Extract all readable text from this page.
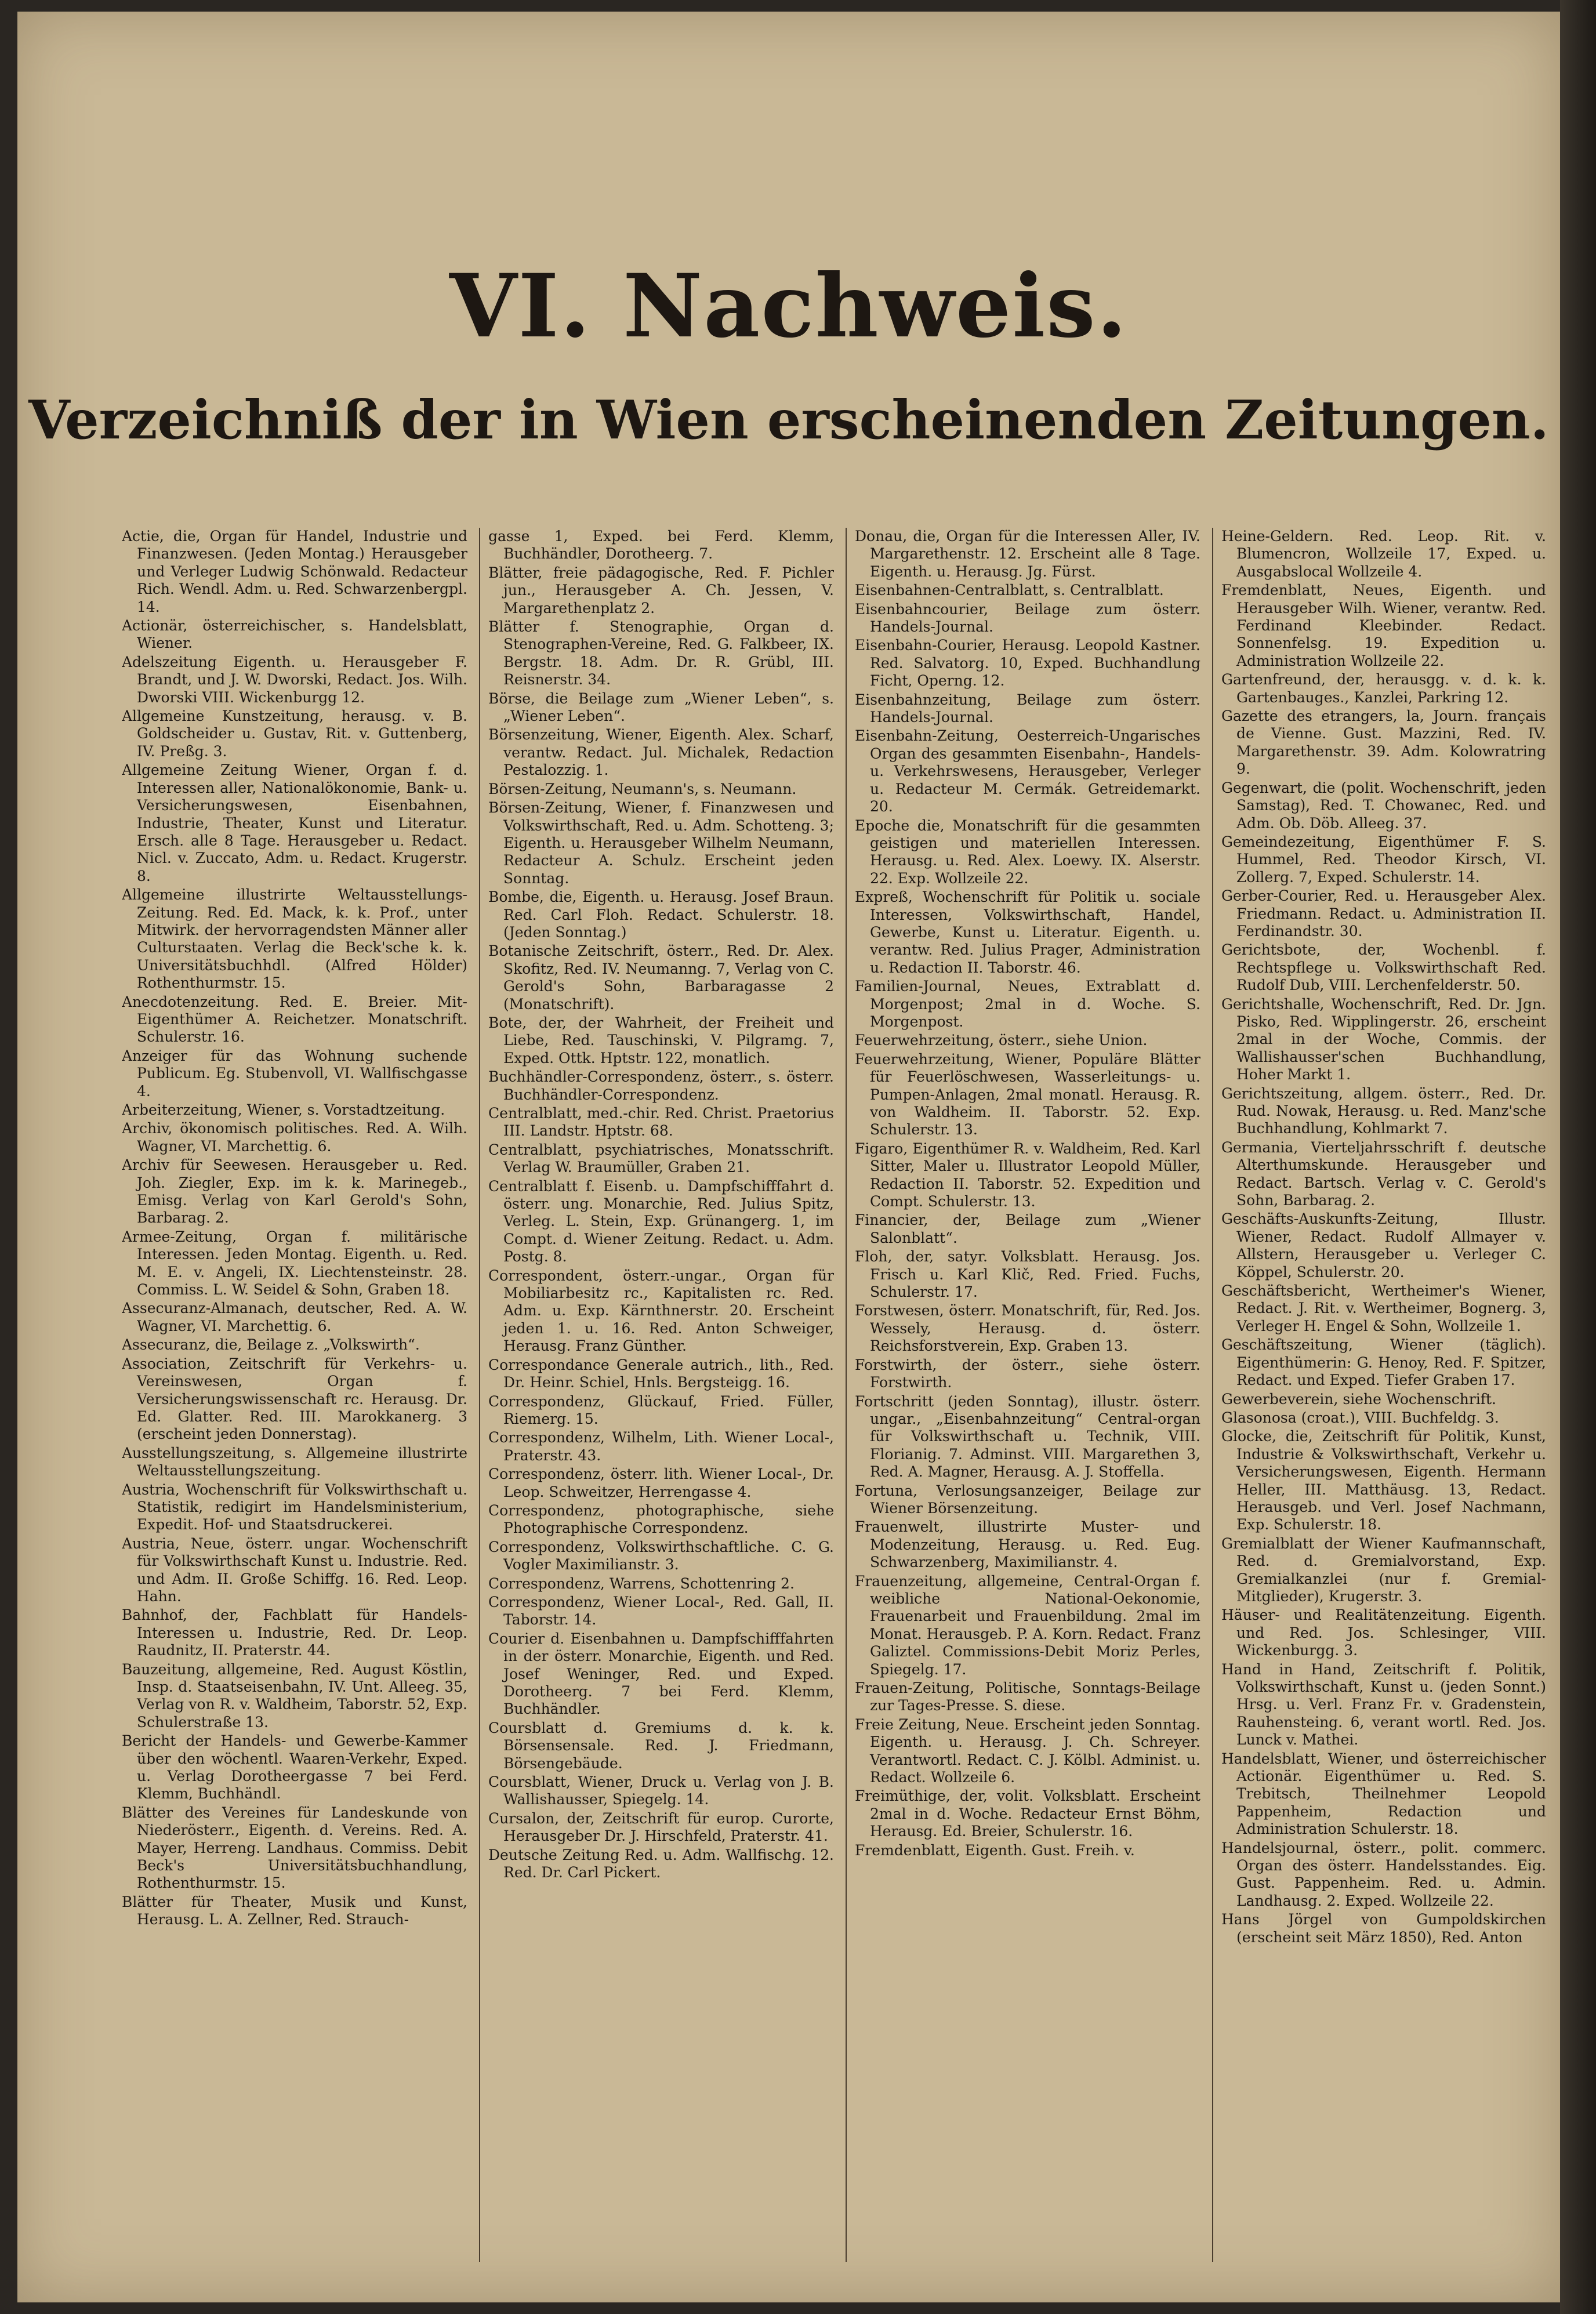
VI. Nachweis.
Verzeichniß der in Wien erscheinenden Zeitungen.

Actie, die, Organ für Handel, Industrie und Finanzwesen. (Jeden Montag.) Herausgeber und Verleger Ludwig Schönwald. Redacteur Rich. Wendl. Adm. u. Red. Schwarzenbergpl. 14.

Actionär, österreichischer, s. Handelsblatt, Wiener.

Adelszeitung Eigenth. u. Herausgeber F. Brandt, und J. W. Dworski, Redact. Jos. Wilh. Dworski VIII. Wickenburgg 12.

Allgemeine Kunstzeitung, herausg. v. B. Goldscheider u. Gustav, Rit. v. Guttenberg, IV. Preßg. 3.

Allgemeine Zeitung Wiener, Organ f. d. Interessen aller, Nationalökonomie, Bank- u. Versicherungswesen, Eisenbahnen, Industrie, Theater, Kunst und Literatur. Ersch. alle 8 Tage. Herausgeber u. Redact. Nicl. v. Zuccato, Adm. u. Redact. Krugerstr. 8.

Allgemeine illustrirte Weltausstellungs-Zeitung. Red. Ed. Mack, k. k. Prof., unter Mitwirk. der hervorragendsten Männer aller Culturstaaten. Verlag die Beck'sche k. k. Universitätsbuchhdl. (Alfred Hölder) Rothenthurmstr. 15.

Anecdotenzeitung. Red. E. Breier. Mit-Eigenthümer A. Reichetzer. Monatschrift. Schulerstr. 16.

Anzeiger für das Wohnung suchende Publicum. Eg. Stubenvoll, VI. Wallfischgasse 4.

Arbeiterzeitung, Wiener, s. Vorstadtzeitung.

Archiv, ökonomisch politisches. Red. A. Wilh. Wagner, VI. Marchettig. 6.

Archiv für Seewesen. Herausgeber u. Red. Joh. Ziegler, Exp. im k. k. Marinegeb., Emisg. Verlag von Karl Gerold's Sohn, Barbarag. 2.

Armee-Zeitung, Organ f. militärische Interessen. Jeden Montag. Eigenth. u. Red. M. E. v. Angeli, IX. Liechtensteinstr. 28. Commiss. L. W. Seidel & Sohn, Graben 18.

Assecuranz-Almanach, deutscher, Red. A. W. Wagner, VI. Marchettig. 6.

Assecuranz, die, Beilage z. „Volkswirth“.

Association, Zeitschrift für Verkehrs- u. Vereinswesen, Organ f. Versicherungswissenschaft rc. Herausg. Dr. Ed. Glatter. Red. III. Marokkanerg. 3 (erscheint jeden Donnerstag).

Ausstellungszeitung, s. Allgemeine illustrirte Weltausstellungszeitung.

Austria, Wochenschrift für Volkswirthschaft u. Statistik, redigirt im Handelsministerium, Expedit. Hof- und Staatsdruckerei.

Austria, Neue, österr. ungar. Wochenschrift für Volkswirthschaft Kunst u. Industrie. Red. und Adm. II. Große Schiffg. 16. Red. Leop. Hahn.

Bahnhof, der, Fachblatt für Handels-Interessen u. Industrie, Red. Dr. Leop. Raudnitz, II. Praterstr. 44.

Bauzeitung, allgemeine, Red. August Köstlin, Insp. d. Staatseisenbahn, IV. Unt. Alleeg. 35, Verlag von R. v. Waldheim, Taborstr. 52, Exp. Schulerstraße 13.

Bericht der Handels- und Gewerbe-Kammer über den wöchentl. Waaren-Verkehr, Exped. u. Verlag Dorotheergasse 7 bei Ferd. Klemm, Buchhändl.

Blätter des Vereines für Landeskunde von Niederösterr., Eigenth. d. Vereins. Red. A. Mayer, Herreng. Landhaus. Commiss. Debit Beck's Universitätsbuchhandlung, Rothenthurmstr. 15.

Blätter für Theater, Musik und Kunst, Herausg. L. A. Zellner, Red. Strauch-

gasse 1, Exped. bei Ferd. Klemm, Buchhändler, Dorotheerg. 7.

Blätter, freie pädagogische, Red. F. Pichler jun., Herausgeber A. Ch. Jessen, V. Margarethenplatz 2.

Blätter f. Stenographie, Organ d. Stenographen-Vereine, Red. G. Falkbeer, IX. Bergstr. 18. Adm. Dr. R. Grübl, III. Reisnerstr. 34.

Börse, die Beilage zum „Wiener Leben“, s. „Wiener Leben“.

Börsenzeitung, Wiener, Eigenth. Alex. Scharf, verantw. Redact. Jul. Michalek, Redaction Pestalozzig. 1.

Börsen-Zeitung, Neumann's, s. Neumann.

Börsen-Zeitung, Wiener, f. Finanzwesen und Volkswirthschaft, Red. u. Adm. Schotteng. 3; Eigenth. u. Herausgeber Wilhelm Neumann, Redacteur A. Schulz. Erscheint jeden Sonntag.

Bombe, die, Eigenth. u. Herausg. Josef Braun. Red. Carl Floh. Redact. Schulerstr. 18. (Jeden Sonntag.)

Botanische Zeitschrift, österr., Red. Dr. Alex. Skofitz, Red. IV. Neumanng. 7, Verlag von C. Gerold's Sohn, Barbaragasse 2 (Monatschrift).

Bote, der, der Wahrheit, der Freiheit und Liebe, Red. Tauschinski, V. Pilgramg. 7, Exped. Ottk. Hptstr. 122, monatlich.

Buchhändler-Correspondenz, österr., s. österr. Buchhändler-Correspondenz.

Centralblatt, med.-chir. Red. Christ. Praetorius III. Landstr. Hptstr. 68.

Centralblatt, psychiatrisches, Monatsschrift. Verlag W. Braumüller, Graben 21.

Centralblatt f. Eisenb. u. Dampfschifffahrt d. österr. ung. Monarchie, Red. Julius Spitz, Verleg. L. Stein, Exp. Grünangerg. 1, im Compt. d. Wiener Zeitung. Redact. u. Adm. Postg. 8.

Correspondent, österr.-ungar., Organ für Mobiliarbesitz rc., Kapitalisten rc. Red. Adm. u. Exp. Kärnthnerstr. 20. Erscheint jeden 1. u. 16. Red. Anton Schweiger, Herausg. Franz Günther.

Correspondance Generale autrich., lith., Red. Dr. Heinr. Schiel, Hnls. Bergsteigg. 16.

Correspondenz, Glückauf, Fried. Füller, Riemerg. 15.

Correspondenz, Wilhelm, Lith. Wiener Local-, Praterstr. 43.

Correspondenz, österr. lith. Wiener Local-, Dr. Leop. Schweitzer, Herrengasse 4.

Correspondenz, photographische, siehe Photographische Correspondenz.

Correspondenz, Volkswirthschaftliche. C. G. Vogler Maximilianstr. 3.

Correspondenz, Warrens, Schottenring 2.

Correspondenz, Wiener Local-, Red. Gall, II. Taborstr. 14.

Courier d. Eisenbahnen u. Dampfschifffahrten in der österr. Monarchie, Eigenth. und Red. Josef Weninger, Red. und Exped. Dorotheerg. 7 bei Ferd. Klemm, Buchhändler.

Coursblatt d. Gremiums d. k. k. Börsensensale. Red. J. Friedmann, Börsengebäude.

Coursblatt, Wiener, Druck u. Verlag von J. B. Wallishausser, Spiegelg. 14.

Cursalon, der, Zeitschrift für europ. Curorte, Herausgeber Dr. J. Hirschfeld, Praterstr. 41.

Deutsche Zeitung Red. u. Adm. Wallfischg. 12. Red. Dr. Carl Pickert.

Donau, die, Organ für die Interessen Aller, IV. Margarethenstr. 12. Erscheint alle 8 Tage. Eigenth. u. Herausg. Jg. Fürst.

Eisenbahnen-Centralblatt, s. Centralblatt.

Eisenbahncourier, Beilage zum österr. Handels-Journal.

Eisenbahn-Courier, Herausg. Leopold Kastner. Red. Salvatorg. 10, Exped. Buchhandlung Ficht, Operng. 12.

Eisenbahnzeitung, Beilage zum österr. Handels-Journal.

Eisenbahn-Zeitung, Oesterreich-Ungarisches Organ des gesammten Eisenbahn-, Handels- u. Verkehrswesens, Herausgeber, Verleger u. Redacteur M. Cermák. Getreidemarkt. 20.

Epoche die, Monatschrift für die gesammten geistigen und materiellen Interessen. Herausg. u. Red. Alex. Loewy. IX. Alserstr. 22. Exp. Wollzeile 22.

Expreß, Wochenschrift für Politik u. sociale Interessen, Volkswirthschaft, Handel, Gewerbe, Kunst u. Literatur. Eigenth. u. verantw. Red. Julius Prager, Administration u. Redaction II. Taborstr. 46.

Familien-Journal, Neues, Extrablatt d. Morgenpost; 2mal in d. Woche. S. Morgenpost.

Feuerwehrzeitung, österr., siehe Union.

Feuerwehrzeitung, Wiener, Populäre Blätter für Feuerlöschwesen, Wasserleitungs- u. Pumpen-Anlagen, 2mal monatl. Herausg. R. von Waldheim. II. Taborstr. 52. Exp. Schulerstr. 13.

Figaro, Eigenthümer R. v. Waldheim, Red. Karl Sitter, Maler u. Illustrator Leopold Müller, Redaction II. Taborstr. 52. Expedition und Compt. Schulerstr. 13.

Financier, der, Beilage zum „Wiener Salonblatt“.

Floh, der, satyr. Volksblatt. Herausg. Jos. Frisch u. Karl Klič, Red. Fried. Fuchs, Schulerstr. 17.

Forstwesen, österr. Monatschrift, für, Red. Jos. Wessely, Herausg. d. österr. Reichsforstverein, Exp. Graben 13.

Forstwirth, der österr., siehe österr. Forstwirth.

Fortschritt (jeden Sonntag), illustr. österr. ungar., „Eisenbahnzeitung“ Central-organ für Volkswirthschaft u. Technik, VIII. Florianig. 7. Adminst. VIII. Margarethen 3, Red. A. Magner, Herausg. A. J. Stoffella.

Fortuna, Verlosungsanzeiger, Beilage zur Wiener Börsenzeitung.

Frauenwelt, illustrirte Muster- und Modenzeitung, Herausg. u. Red. Eug. Schwarzenberg, Maximilianstr. 4.

Frauenzeitung, allgemeine, Central-Organ f. weibliche National-Oekonomie, Frauenarbeit und Frauenbildung. 2mal im Monat. Herausgeb. P. A. Korn. Redact. Franz Galiztel. Commissions-Debit Moriz Perles, Spiegelg. 17.

Frauen-Zeitung, Politische, Sonntags-Beilage zur Tages-Presse. S. diese.

Freie Zeitung, Neue. Erscheint jeden Sonntag. Eigenth. u. Herausg. J. Ch. Schreyer. Verantwortl. Redact. C. J. Kölbl. Administ. u. Redact. Wollzeile 6.

Freimüthige, der, volit. Volksblatt. Erscheint 2mal in d. Woche. Redacteur Ernst Böhm, Herausg. Ed. Breier, Schulerstr. 16.

Fremdenblatt, Eigenth. Gust. Freih. v.

Heine-Geldern. Red. Leop. Rit. v. Blumencron, Wollzeile 17, Exped. u. Ausgabslocal Wollzeile 4.

Fremdenblatt, Neues, Eigenth. und Herausgeber Wilh. Wiener, verantw. Red. Ferdinand Kleebinder. Redact. Sonnenfelsg. 19. Expedition u. Administration Wollzeile 22.

Gartenfreund, der, herausgg. v. d. k. k. Gartenbauges., Kanzlei, Parkring 12.

Gazette des etrangers, la, Journ. français de Vienne. Gust. Mazzini, Red. IV. Margarethenstr. 39. Adm. Kolowratring 9.

Gegenwart, die (polit. Wochenschrift, jeden Samstag), Red. T. Chowanec, Red. und Adm. Ob. Döb. Alleeg. 37.

Gemeindezeitung, Eigenthümer F. S. Hummel, Red. Theodor Kirsch, VI. Zollerg. 7, Exped. Schulerstr. 14.

Gerber-Courier, Red. u. Herausgeber Alex. Friedmann. Redact. u. Administration II. Ferdinandstr. 30.

Gerichtsbote, der, Wochenbl. f. Rechtspflege u. Volkswirthschaft Red. Rudolf Dub, VIII. Lerchenfelderstr. 50.

Gerichtshalle, Wochenschrift, Red. Dr. Jgn. Pisko, Red. Wipplingerstr. 26, erscheint 2mal in der Woche, Commis. der Wallishausser'schen Buchhandlung, Hoher Markt 1.

Gerichtszeitung, allgem. österr., Red. Dr. Rud. Nowak, Herausg. u. Red. Manz'sche Buchhandlung, Kohlmarkt 7.

Germania, Vierteljahrsschrift f. deutsche Alterthumskunde. Herausgeber und Redact. Bartsch. Verlag v. C. Gerold's Sohn, Barbarag. 2.

Geschäfts-Auskunfts-Zeitung, Illustr. Wiener, Redact. Rudolf Allmayer v. Allstern, Herausgeber u. Verleger C. Köppel, Schulerstr. 20.

Geschäftsbericht, Wertheimer's Wiener, Redact. J. Rit. v. Wertheimer, Bognerg. 3, Verleger H. Engel & Sohn, Wollzeile 1.

Geschäftszeitung, Wiener (täglich). Eigenthümerin: G. Henoy, Red. F. Spitzer, Redact. und Exped. Tiefer Graben 17.

Gewerbeverein, siehe Wochenschrift.

Glasonosa (croat.), VIII. Buchfeldg. 3.

Glocke, die, Zeitschrift für Politik, Kunst, Industrie & Volkswirthschaft, Verkehr u. Versicherungswesen, Eigenth. Hermann Heller, III. Matthäusg. 13, Redact. Herausgeb. und Verl. Josef Nachmann, Exp. Schulerstr. 18.

Gremialblatt der Wiener Kaufmannschaft, Red. d. Gremialvorstand, Exp. Gremialkanzlei (nur f. Gremial-Mitglieder), Krugerstr. 3.

Häuser- und Realitätenzeitung. Eigenth. und Red. Jos. Schlesinger, VIII. Wickenburgg. 3.

Hand in Hand, Zeitschrift f. Politik, Volkswirthschaft, Kunst u. (jeden Sonnt.) Hrsg. u. Verl. Franz Fr. v. Gradenstein, Rauhensteing. 6, verant wortl. Red. Jos. Lunck v. Mathei.

Handelsblatt, Wiener, und österreichischer Actionär. Eigenthümer u. Red. S. Trebitsch, Theilnehmer Leopold Pappenheim, Redaction und Administration Schulerstr. 18.

Handelsjournal, österr., polit. commerc. Organ des österr. Handelsstandes. Eig. Gust. Pappenheim. Red. u. Admin. Landhausg. 2. Exped. Wollzeile 22.

Hans Jörgel von Gumpoldskirchen (erscheint seit März 1850), Red. Anton
